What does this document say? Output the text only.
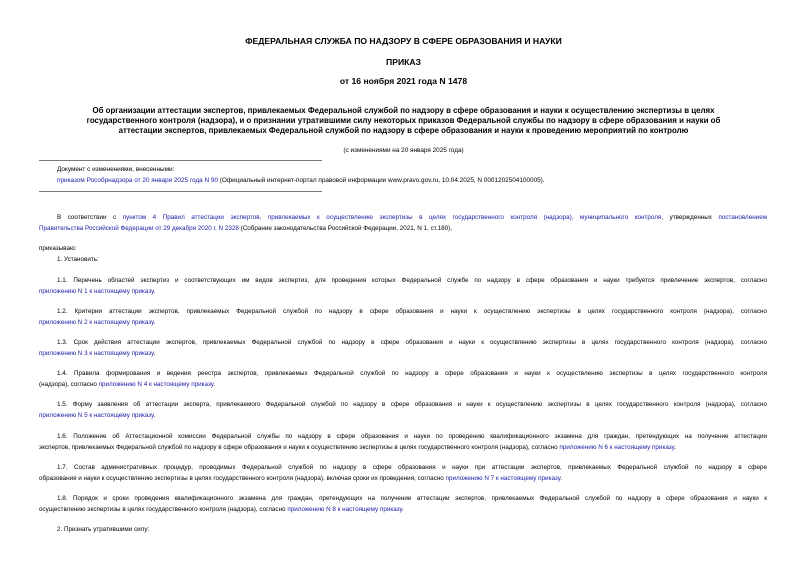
ФЕДЕРАЛЬНАЯ СЛУЖБА ПО НАДЗОРУ В СФЕРЕ ОБРАЗОВАНИЯ И НАУКИ
ПРИКАЗ
от 16 ноября 2021 года N 1478
Об организации аттестации экспертов, привлекаемых Федеральной службой по надзору в сфере образования и науки к осуществлению экспертизы в целях
государственного контроля (надзора), и о признании утратившими силу некоторых приказов Федеральной службы по надзору в сфере образования и науки об
аттестации экспертов, привлекаемых Федеральной службой по надзору в сфере образования и науки к проведению мероприятий по контролю
(с изменениями на 20 января 2025 года)
Документ с изменениями, внесенными:
приказом Рособрнадзора от 20 января 2025 года N 90 (Официальный интернет-портал правовой информации www.pravo.gov.ru, 10.04.2025, N 0001202504100005).
В соответствии с пунктом 4 Правил аттестации экспертов, привлекаемых к осуществлению экспертизы в целях государственного контроля (надзора), муниципального контроля, утвержденных постановлением
Правительства Российской Федерации от 29 декабря 2020 г. N 2328 (Собрание законодательства Российской Федерации, 2021, N 1, ст.180),
приказываю:
1. Установить:
1.1. Перечень областей экспертиз и соответствующих им видов экспертиз, для проведения которых Федеральной службе по надзору в сфере образования и науки требуется привлечение экспертов, согласно
приложению N 1 к настоящему приказу.
1.2. Критерии аттестации экспертов, привлекаемых Федеральной службой по надзору в сфере образования и науки к осуществлению экспертизы в целях государственного контроля (надзора), согласно
приложению N 2 к настоящему приказу.
1.3. Срок действия аттестации экспертов, привлекаемых Федеральной службой по надзору в сфере образования и науки к осуществлению экспертизы в целях государственного контроля (надзора), согласно
приложению N 3 к настоящему приказу.
1.4. Правила формирования и ведения реестра экспертов, привлекаемых Федеральной службой по надзору в сфере образования и науки к осуществлению экспертизы в целях государственного контроля
(надзора), согласно приложению N 4 к настоящему приказу.
1.5. Форму заявления об аттестации эксперта, привлекаемого Федеральной службой по надзору в сфере образования и науки к осуществлению экспертизы в целях государственного контроля (надзора), согласно
приложению N 5 к настоящему приказу.
1.6. Положение об Аттестационной комиссии Федеральной службы по надзору в сфере образования и науки по проведению квалификационного экзамена для граждан, претендующих на получение аттестации
экспертов, привлекаемых Федеральной службой по надзору в сфере образования и науки к осуществлению экспертизы в целях государственного контроля (надзора), согласно приложению N 6 к настоящему приказу.
1.7. Состав административных процедур, проводимых Федеральной службой по надзору в сфере образования и науки при аттестации экспертов, привлекаемых Федеральной службой по надзору в сфере
образования и науки к осуществлению экспертизы в целях государственного контроля (надзора), включая сроки их проведения, согласно приложению N 7 к настоящему приказу.
1.8. Порядок и сроки проведения квалификационного экзамена для граждан, претендующих на получение аттестации экспертов, привлекаемых Федеральной службой по надзору в сфере образования и науки к
осуществлению экспертизы в целях государственного контроля (надзора), согласно приложению N 8 к настоящему приказу.
2. Признать утратившими силу:
